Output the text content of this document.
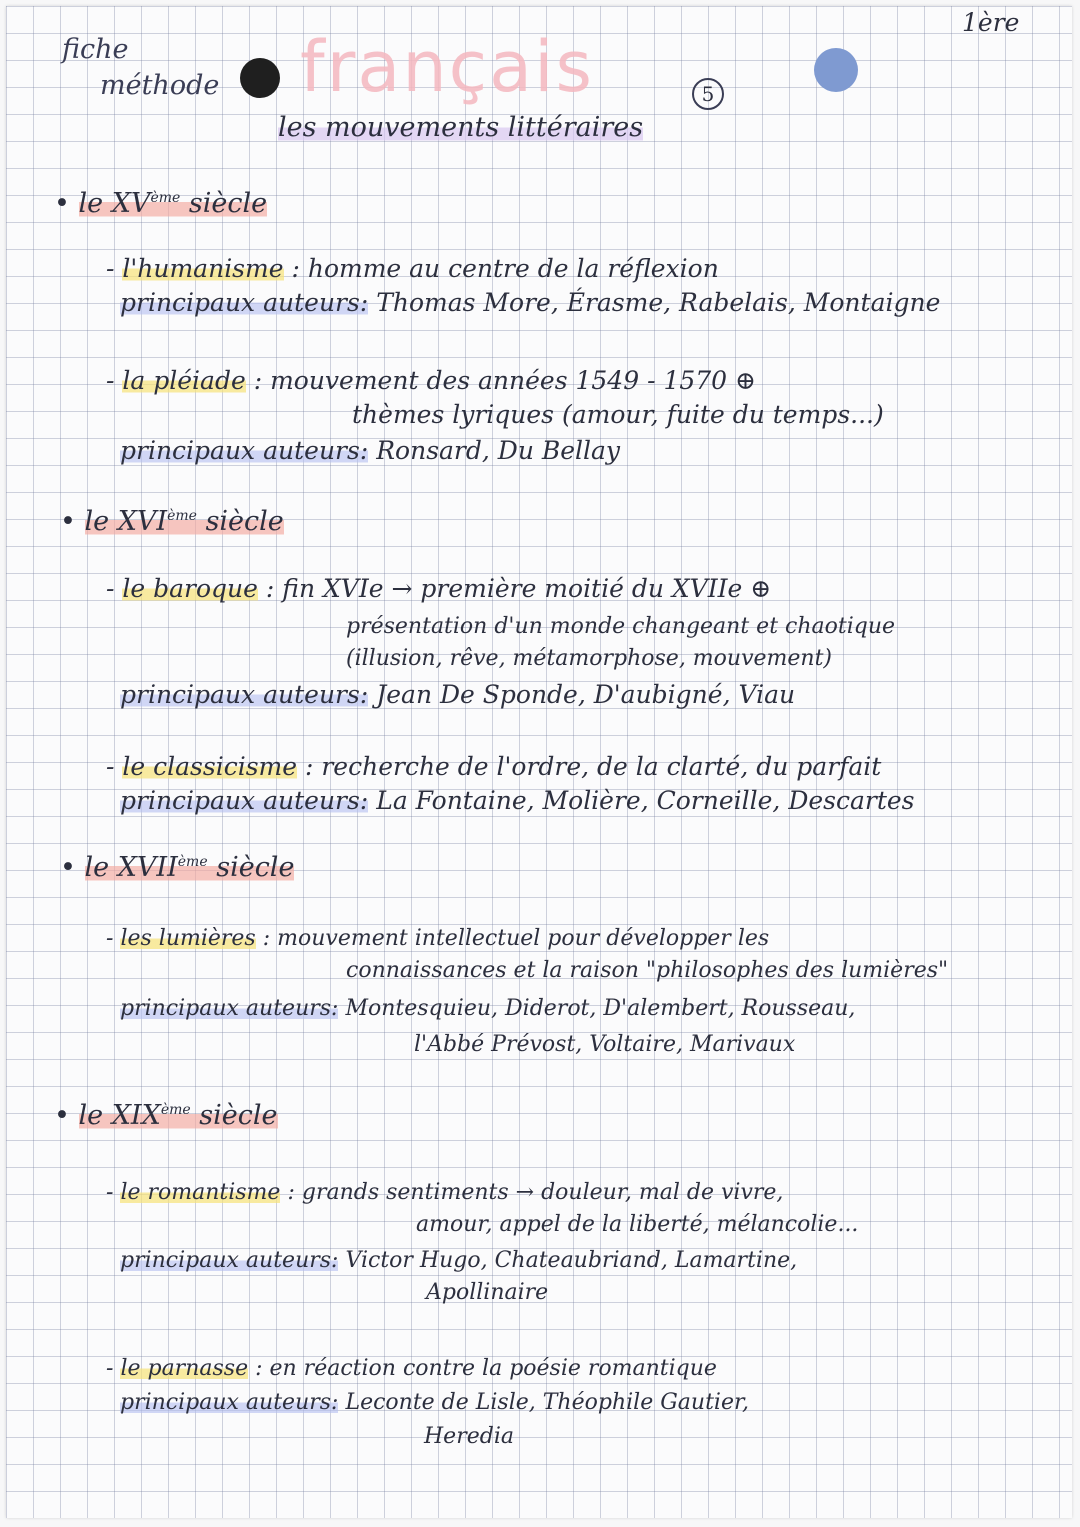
fiche
méthode français	5
1ère
les mouvements littéraires
• le XVème siècle
- l'humanisme : homme au centre de la réflexion
principaux auteurs: Thomas More, Érasme, Rabelais, Montaigne
- la pléiade : mouvement des années 1549 - 1570 ⊕
thèmes lyriques (amour, fuite du temps...)
principaux auteurs: Ronsard, Du Bellay
• le XVIème siècle
- le baroque : fin XVIe → première moitié du XVIIe ⊕
présentation d'un monde changeant et chaotique
(illusion, rêve, métamorphose, mouvement)
principaux auteurs: Jean De Sponde, D'aubigné, Viau
- le classicisme : recherche de l'ordre, de la clarté, du parfait
principaux auteurs: La Fontaine, Molière, Corneille, Descartes
• le XVIIème siècle
- les lumières : mouvement intellectuel pour développer les
connaissances et la raison "philosophes des lumières"
principaux auteurs: Montesquieu, Diderot, D'alembert, Rousseau,
l'Abbé Prévost, Voltaire, Marivaux
• le XIXème siècle
- le romantisme : grands sentiments → douleur, mal de vivre,
amour, appel de la liberté, mélancolie...
principaux auteurs: Victor Hugo, Chateaubriand, Lamartine,
Apollinaire
- le parnasse : en réaction contre la poésie romantique
principaux auteurs: Leconte de Lisle, Théophile Gautier,
Heredia
